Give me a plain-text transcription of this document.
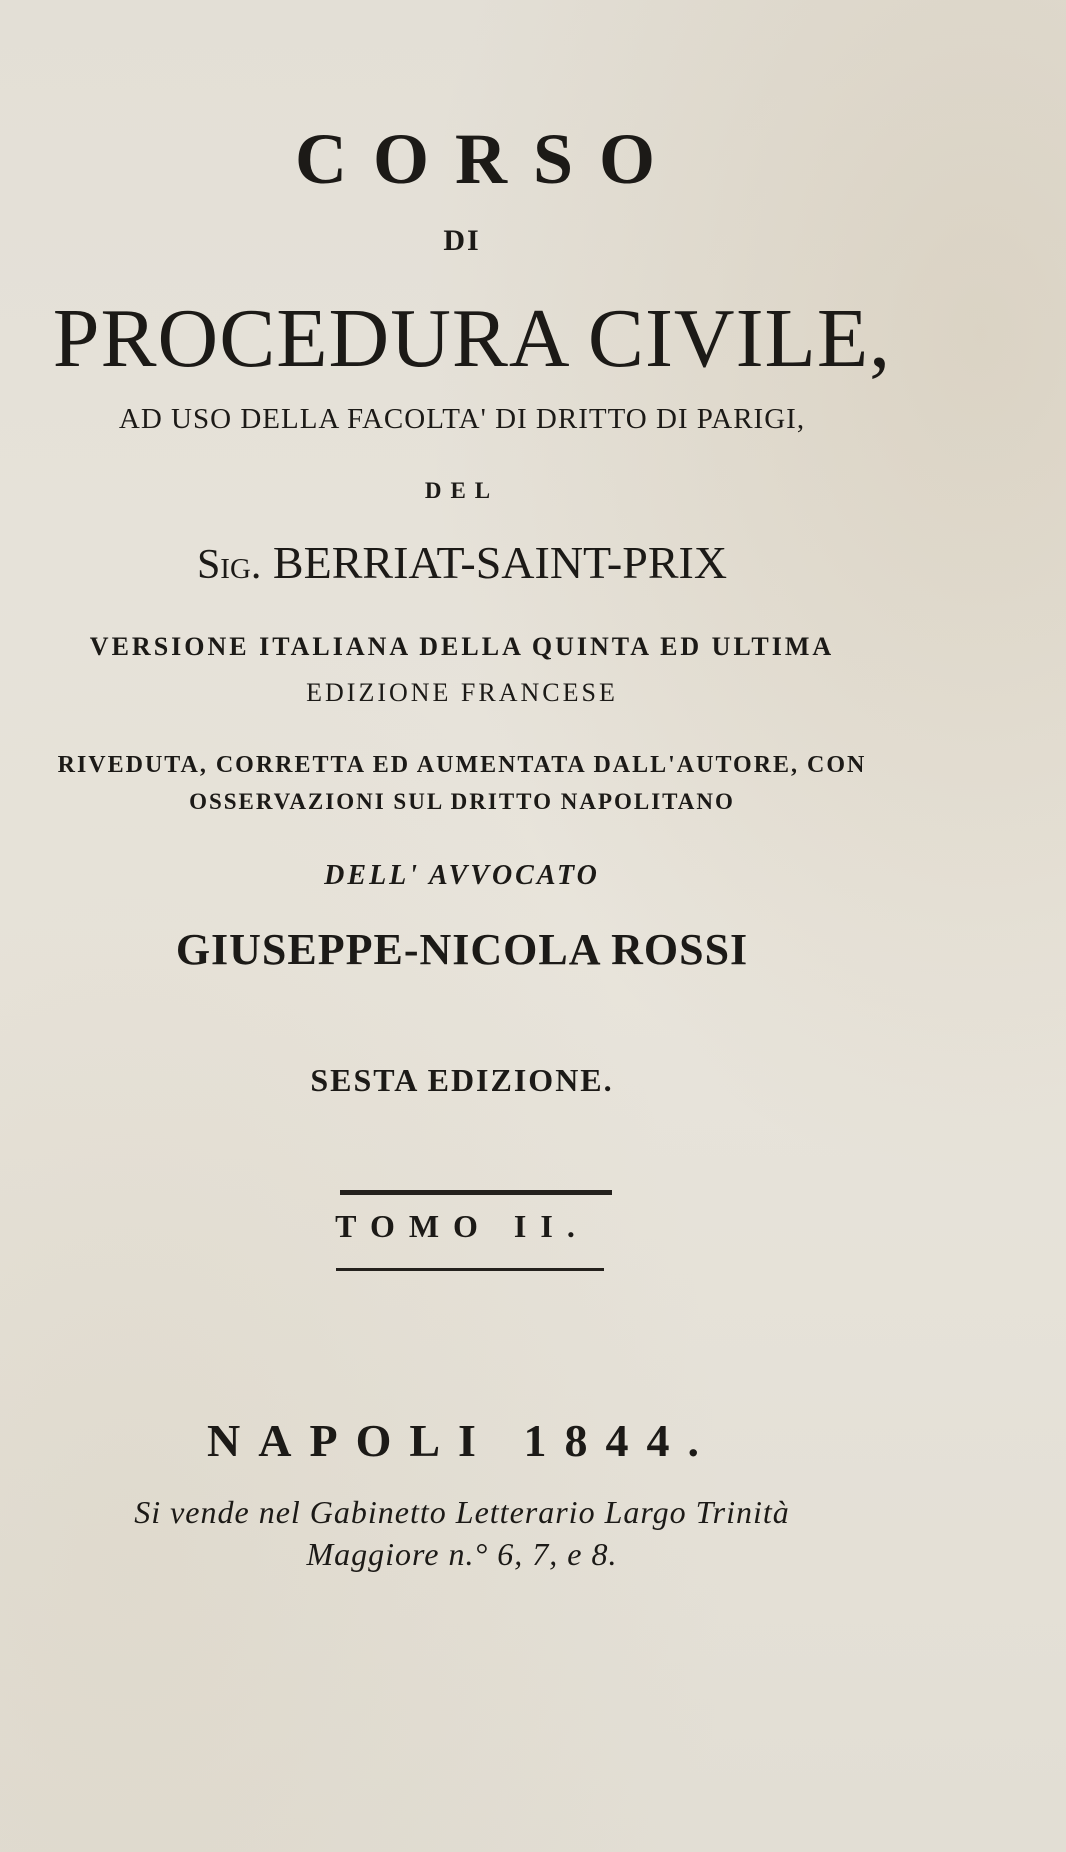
CORSO
DI
PROCEDURA CIVILE,
AD USO DELLA FACOLTA' DI DRITTO DI PARIGI,
DEL
Sig. BERRIAT-SAINT-PRIX
VERSIONE ITALIANA DELLA QUINTA ED ULTIMA
EDIZIONE FRANCESE
RIVEDUTA, CORRETTA ED AUMENTATA DALL'AUTORE, CON
OSSERVAZIONI SUL DRITTO NAPOLITANO
DELL' AVVOCATO
GIUSEPPE-NICOLA ROSSI
SESTA EDIZIONE.
TOMO II.
NAPOLI 1844.
Si vende nel Gabinetto Letterario Largo Trinità
Maggiore n.° 6, 7, e 8.
